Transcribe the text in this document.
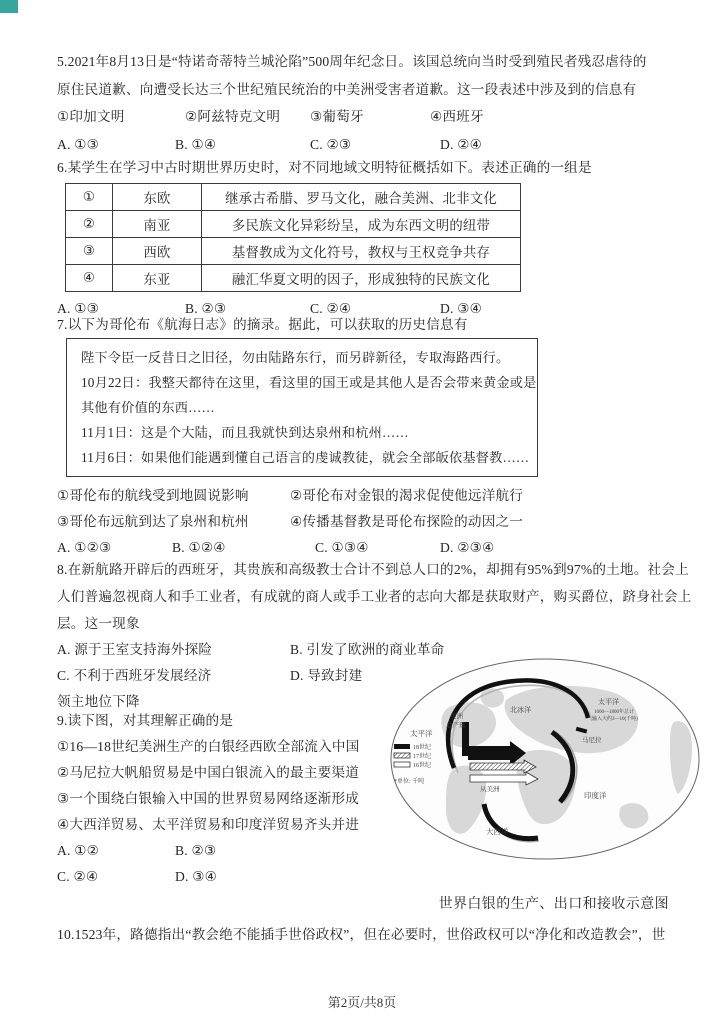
5.2021年8月13日是“特诺奇蒂特兰城沦陷”500周年纪念日。该国总统向当时受到殖民者残忍虐待的

原住民道歉、向遭受长达三个世纪殖民统治的中美洲受害者道歉。这一段表述中涉及到的信息有

①印加文明	②阿兹特克文明	③葡萄牙	④西班牙
A. ①③	B. ①④	C. ②③	D. ②④

6.某学生在学习中古时期世界历史时，对不同地域文明特征概括如下。表述正确的一组是

①	东欧	继承古希腊、罗马文化，融合美洲、北非文化
②	南亚	多民族文化异彩纷呈，成为东西文明的纽带
③	西欧	基督教成为文化符号，教权与王权竞争共存
④	东亚	融汇华夏文明的因子，形成独特的民族文化
A. ①③	B. ②③	C. ②④	D. ③④

7.以下为哥伦布《航海日志》的摘录。据此，可以获取的历史信息有

陛下令臣一反昔日之旧径，勿由陆路东行，而另辟新径，专取海路西行。

10月22日：我整天都待在这里，看这里的国王或是其他人是否会带来黄金或是

其他有价值的东西……

11月1日：这是个大陆，而且我就快到达泉州和杭州……

11月6日：如果他们能遇到懂自己语言的虔诚教徒，就会全部皈依基督教……

①哥伦布的航线受到地圆说影响	②哥伦布对金银的渴求促使他远洋航行
③哥伦布远航到达了泉州和杭州	④传播基督教是哥伦布探险的动因之一
A. ①②③	B. ①②④	C. ①③④	D. ②③④

8.在新航路开辟后的西班牙，其贵族和高级教士合计不到总人口的2%，却拥有95%到97%的土地。社会上

人们普遍忽视商人和手工业者，有成就的商人或手工业者的志向大都是获取财产，购买爵位，跻身社会上

层。这一现象

A. 源于王室支持海外探险	B. 引发了欧洲的商业革命
C. 不利于西班牙发展经济	D. 导致封建

领主地位下降

9.读下图，对其理解正确的是

①16—18世纪美洲生产的白银经西欧全部流入中国

②马尼拉大帆船贸易是中国白银流入的最主要渠道

③一个围绕白银输入中国的世界贸易网络逐渐形成

④大西洋贸易、太平洋贸易和印度洋贸易齐头并进

A. ①②	B. ②③
C. ②④	D. ③④
18世纪
17世纪
16世纪
*单位: 千吨
太平洋
北冰洋
太平洋
马尼拉
印度洋
大西洋
美洲
总产量
从美洲
1600—1800年总计
输入大约3—10(千吨)

世界白银的生产、出口和接收示意图

10.1523年，路德指出“教会绝不能插手世俗政权”，但在必要时，世俗政权可以“净化和改造教会”，世

第2页/共8页
